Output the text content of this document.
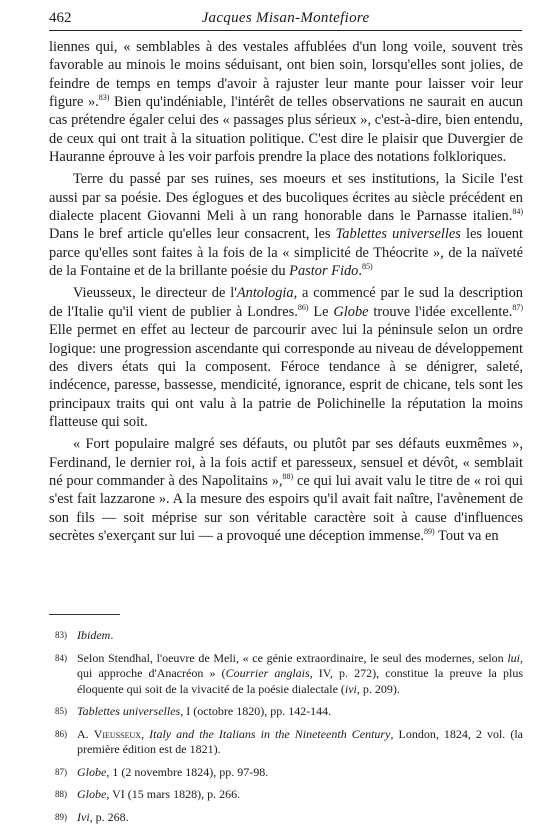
462	Jacques Misan-Montefiore

liennes qui, « semblables à des vestales affublées d'un long voile, souvent très favorable au minois le moins séduisant, ont bien soin, lorsqu'elles sont jolies, de feindre de temps en temps d'avoir à rajuster leur mante pour laisser voir leur figure ».$^{83)}$ Bien qu'indéniable, l'intérêt de telles observations ne saurait en aucun cas prétendre égaler celui des « passages plus sérieux », c'est-à-dire, bien entendu, de ceux qui ont trait à la situation politique. C'est dire le plaisir que Duvergier de Hauranne éprouve à les voir parfois prendre la place des notations folkloriques.

Terre du passé par ses ruines, ses moeurs et ses institutions, la Sicile l'est aussi par sa poésie. Des églogues et des bucoliques écrites au siècle précédent en dialecte placent Giovanni Meli à un rang honorable dans le Parnasse italien.$^{84)}$ Dans le bref article qu'elles leur consacrent, les Tablettes universelles les louent parce qu'elles sont faites à la fois de la « simplicité de Théocrite », de la naïveté de la Fontaine et de la brillante poésie du Pastor Fido.$^{85)}$

Vieusseux, le directeur de l'Antologia, a commencé par le sud la description de l'Italie qu'il vient de publier à Londres.$^{86)}$ Le Globe trouve l'idée excellente.$^{87)}$ Elle permet en effet au lecteur de parcourir avec lui la péninsule selon un ordre logique: une progression ascendante qui corresponde au niveau de développement des divers états qui la composent. Féroce tendance à se dénigrer, saleté, indécence, paresse, bassesse, mendicité, ignorance, esprit de chicane, tels sont les principaux traits qui ont valu à la patrie de Polichinelle la réputation la moins flatteuse qui soit.

« Fort populaire malgré ses défauts, ou plutôt par ses défauts euxmêmes », Ferdinand, le dernier roi, à la fois actif et paresseux, sensuel et dévôt, « semblait né pour commander à des Napolitains »,$^{88)}$ ce qui lui avait valu le titre de « roi qui s'est fait lazzarone ». A la mesure des espoirs qu'il avait fait naître, l'avènement de son fils — soit méprise sur son véritable caractère soit à cause d'influences secrètes s'exerçant sur lui — a provoqué une déception immense.$^{89)}$ Tout va en

83) Ibidem.
84) Selon Stendhal, l'oeuvre de Meli, « ce génie extraordinaire, le seul des modernes, selon lui, qui approche d'Anacréon » (Courrier anglais, IV, p. 272), constitue la preuve la plus éloquente qui soit de la vivacité de la poésie dialectale (ivi, p. 209).
85) Tablettes universelles, I (octobre 1820), pp. 142-144.
86) A. Vieusseux, Italy and the Italians in the Nineteenth Century, London, 1824, 2 vol. (la première édition est de 1821).
87) Globe, 1 (2 novembre 1824), pp. 97-98.
88) Globe, VI (15 mars 1828), p. 266.
89) Ivi, p. 268.
